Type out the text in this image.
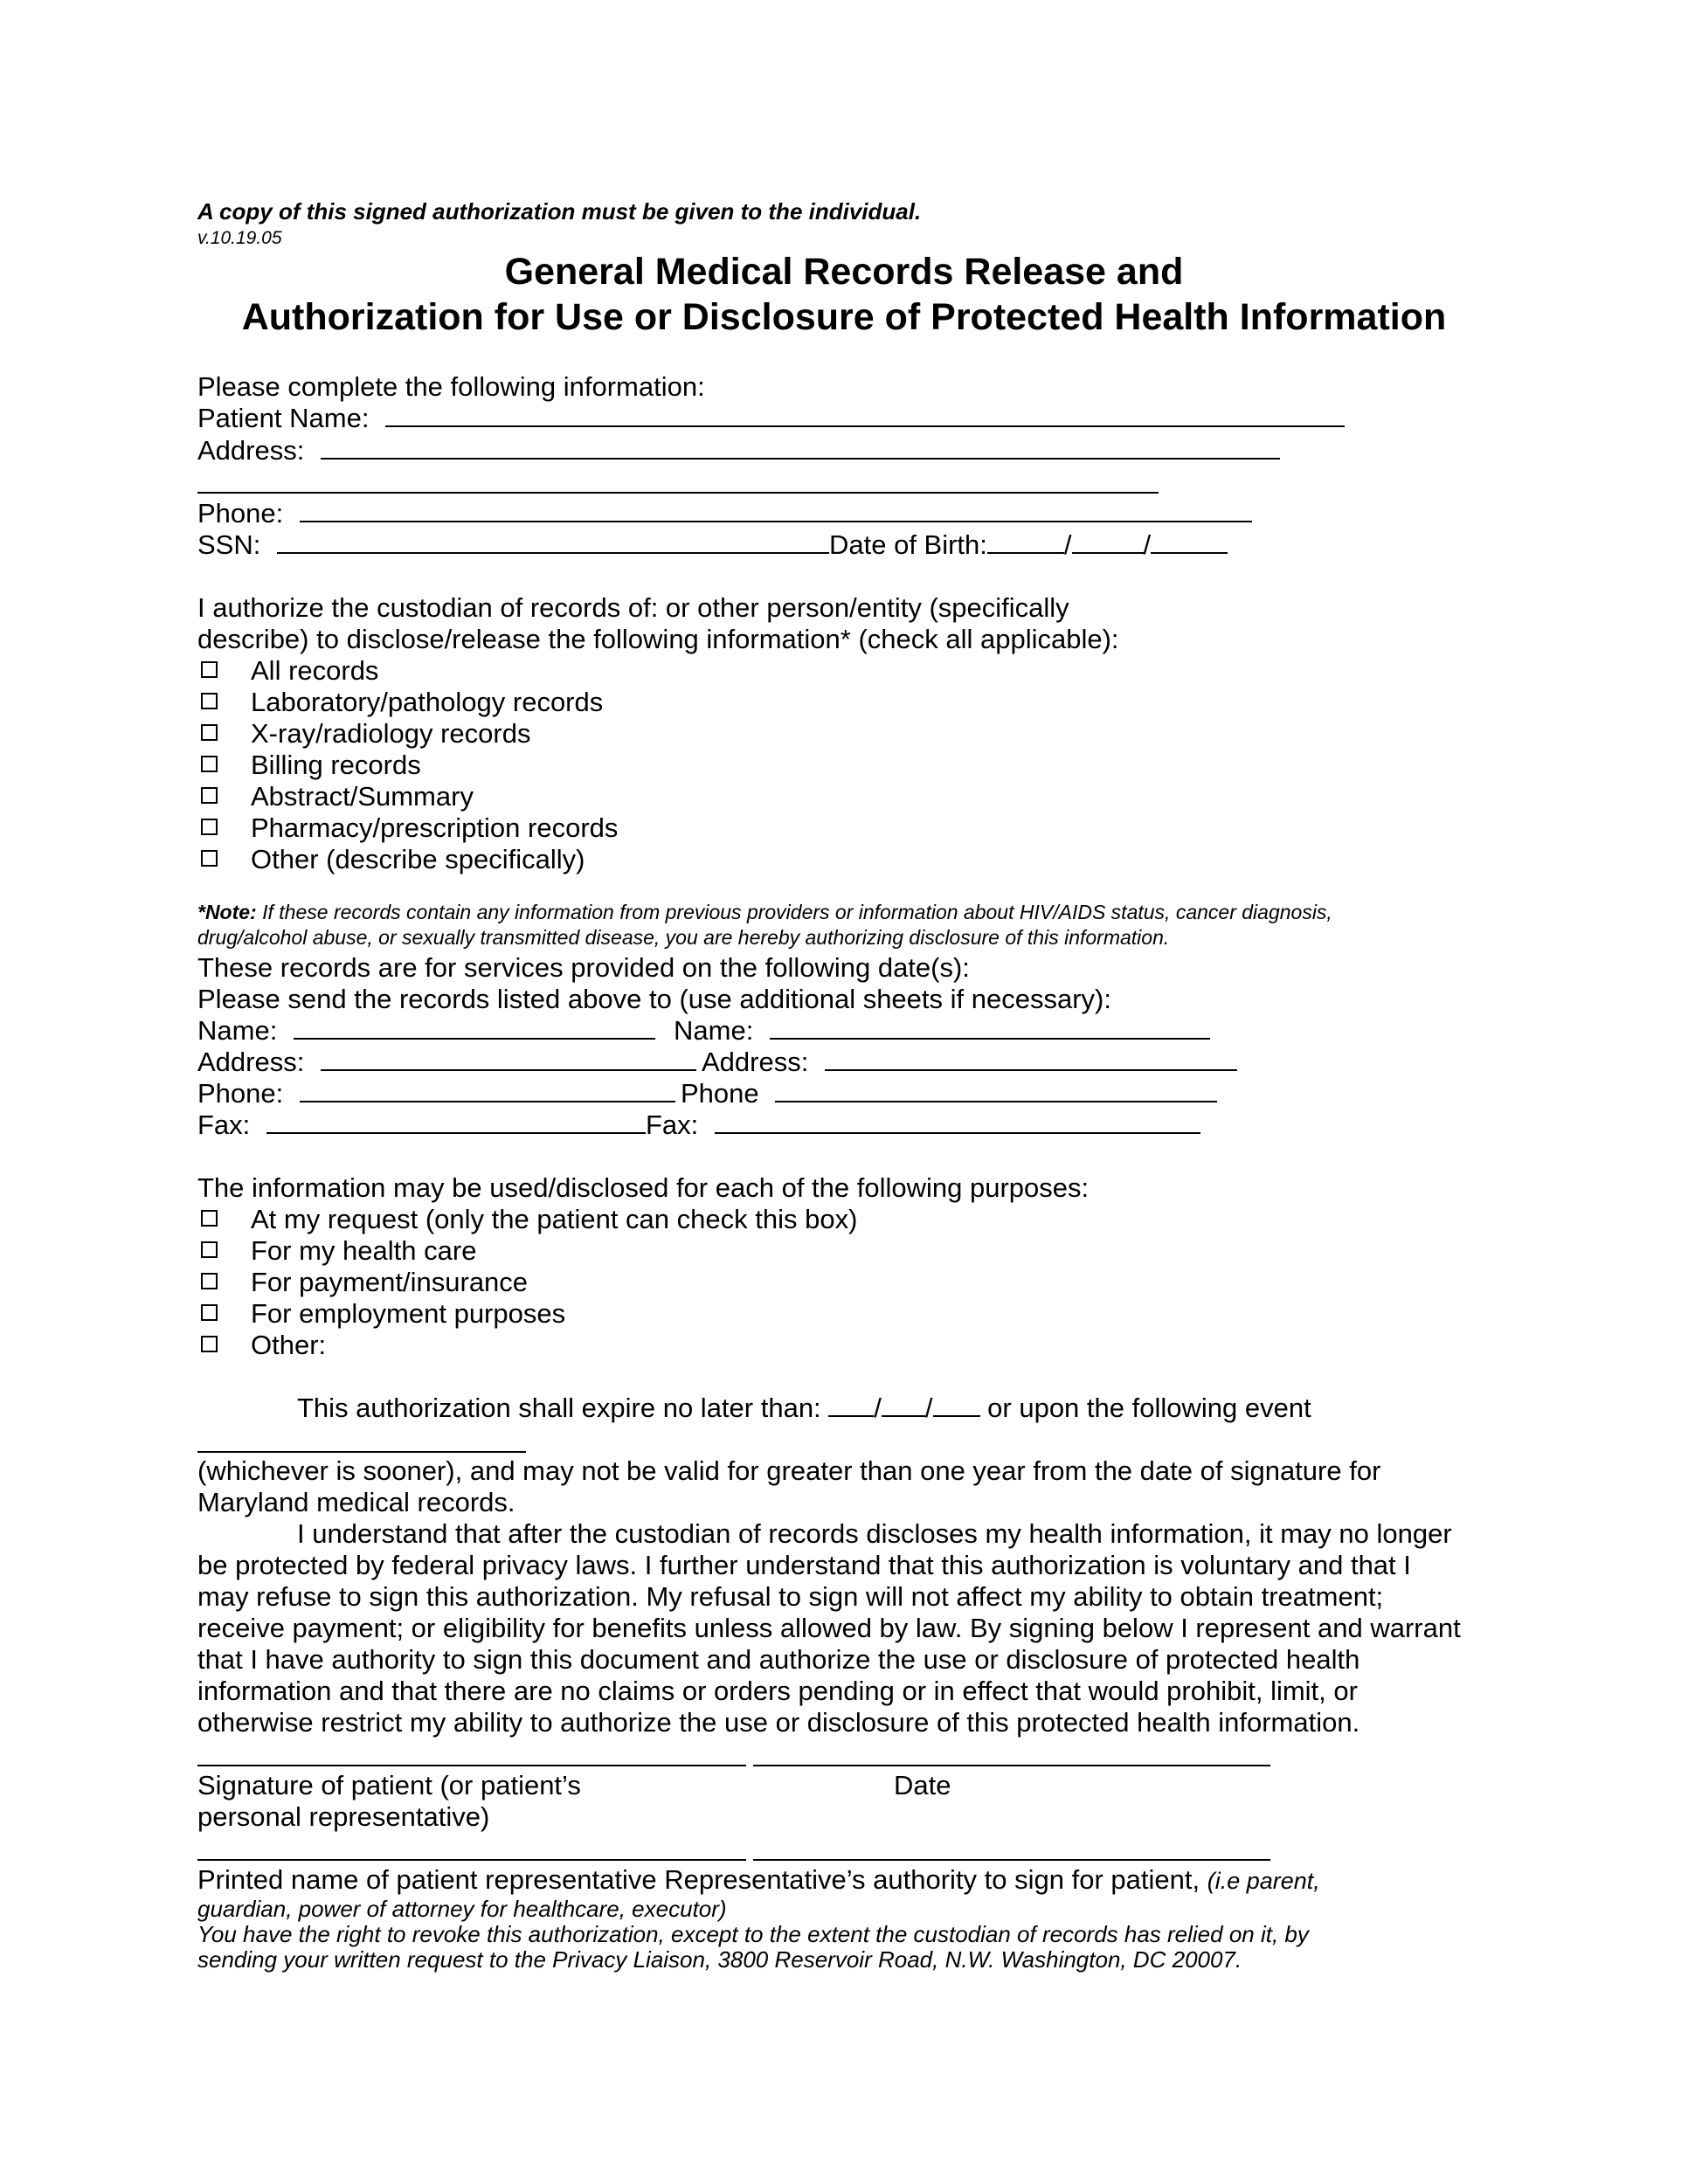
A copy of this signed authorization must be given to the individual.
v.10.19.05
General Medical Records Release and
Authorization for Use or Disclosure of Protected Health Information
Please complete the following information:
Patient Name:
Address:
Phone:
SSN:	Date of Birth:	/	/
I authorize the custodian of records of: or other person/entity (specifically
describe) to disclose/release the following information* (check all applicable):
All records
Laboratory/pathology records
X-ray/radiology records
Billing records
Abstract/Summary
Pharmacy/prescription records
Other (describe specifically)
*Note: If these records contain any information from previous providers or information about HIV/AIDS status, cancer diagnosis,
drug/alcohol abuse, or sexually transmitted disease, you are hereby authorizing disclosure of this information.
These records are for services provided on the following date(s):
Please send the records listed above to (use additional sheets if necessary):
Name:	Name:
Address:	Address:
Phone:	Phone
Fax:	Fax:
The information may be used/disclosed for each of the following purposes:
At my request (only the patient can check this box)
For my health care
For payment/insurance
For employment purposes
Other:
This authorization shall expire no later than: / / or upon the following event
(whichever is sooner), and may not be valid for greater than one year from the date of signature for
Maryland medical records.
I understand that after the custodian of records discloses my health information, it may no longer
be protected by federal privacy laws. I further understand that this authorization is voluntary and that I
may refuse to sign this authorization. My refusal to sign will not affect my ability to obtain treatment;
receive payment; or eligibility for benefits unless allowed by law. By signing below I represent and warrant
that I have authority to sign this document and authorize the use or disclosure of protected health
information and that there are no claims or orders pending or in effect that would prohibit, limit, or
otherwise restrict my ability to authorize the use or disclosure of this protected health information.
Signature of patient (or patient’s	Date
personal representative)
Printed name of patient representative Representative’s authority to sign for patient, (i.e parent,
guardian, power of attorney for healthcare, executor)
You have the right to revoke this authorization, except to the extent the custodian of records has relied on it, by
sending your written request to the Privacy Liaison, 3800 Reservoir Road, N.W. Washington, DC 20007.
